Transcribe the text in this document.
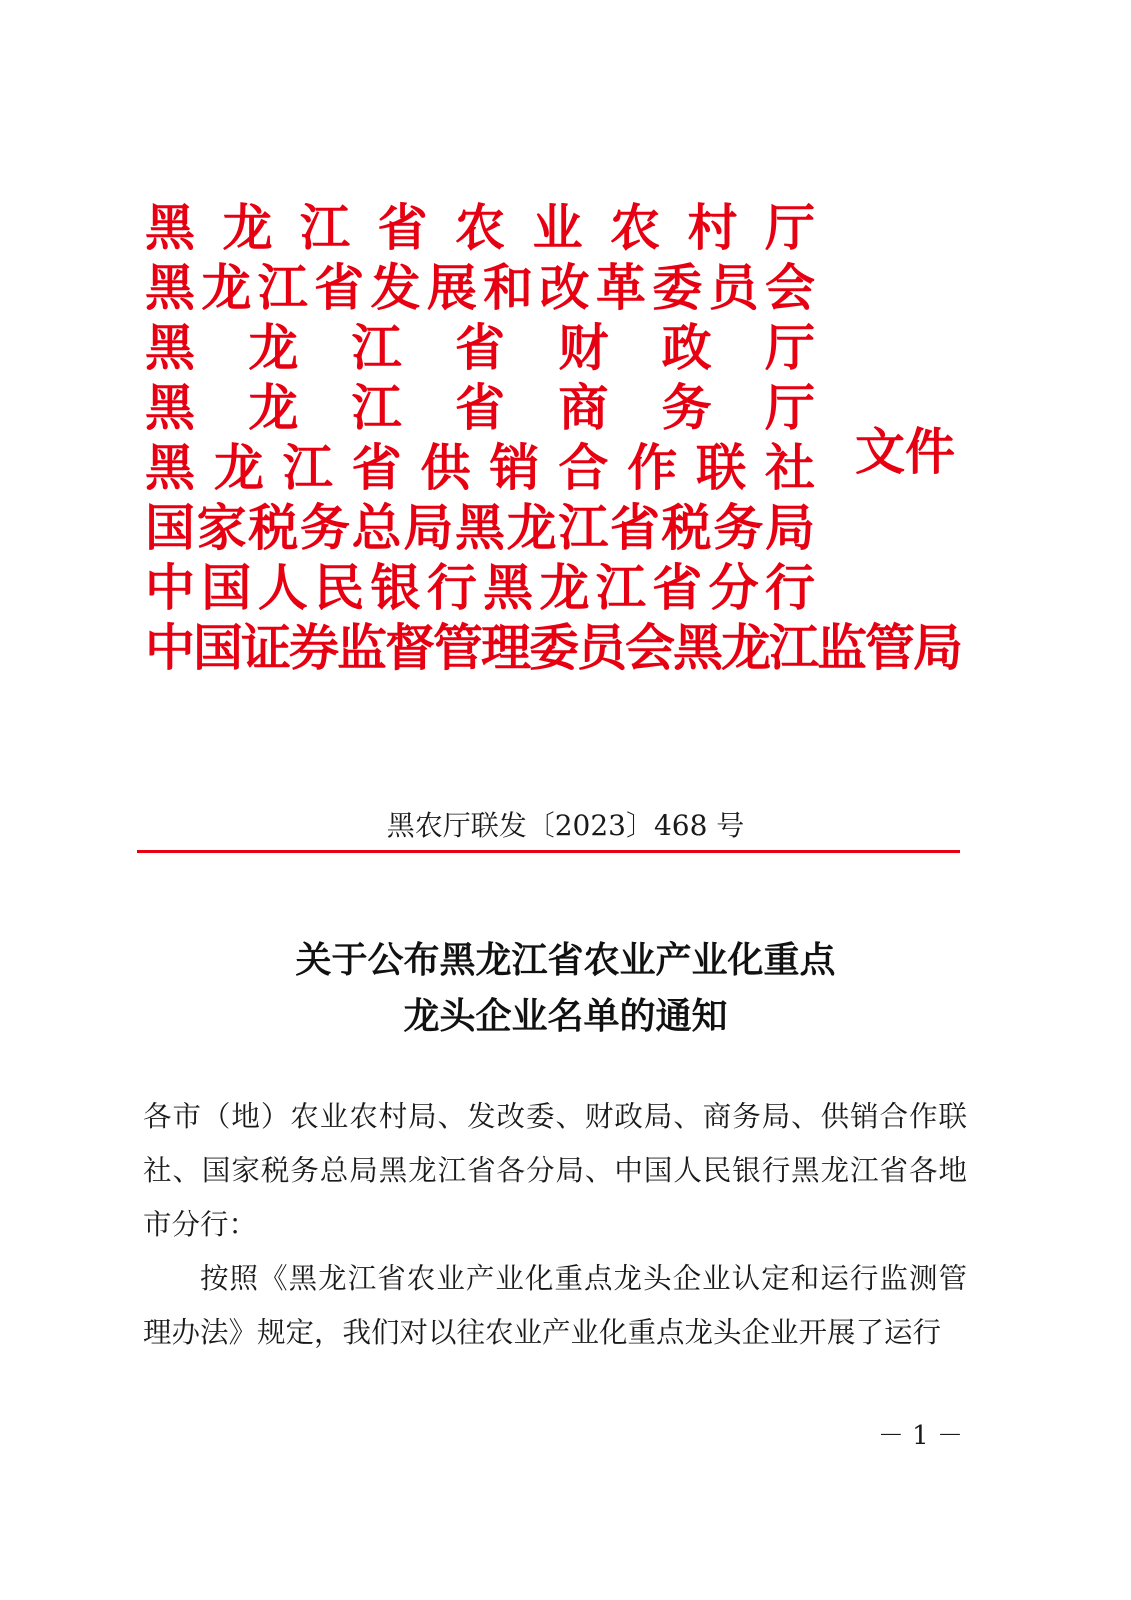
黑龙江省农业农村厅
黑龙江省发展和改革委员会
黑龙江省财政厅
黑龙江省商务厅
黑龙江省供销合作联社
国家税务总局黑龙江省税务局
中国人民银行黑龙江省分行
中国证券监督管理委员会黑龙江监管局
文件
黑农厅联发〔2023〕468 号
关于公布黑龙江省农业产业化重点
龙头企业名单的通知

各市（地）农业农村局、发改委、财政局、商务局、供销合作联社、国家税务总局黑龙江省各分局、中国人民银行黑龙江省各地市分行：

按照《黑龙江省农业产业化重点龙头企业认定和运行监测管理办法》规定，我们对以往农业产业化重点龙头企业开展了运行

－ 1 －
